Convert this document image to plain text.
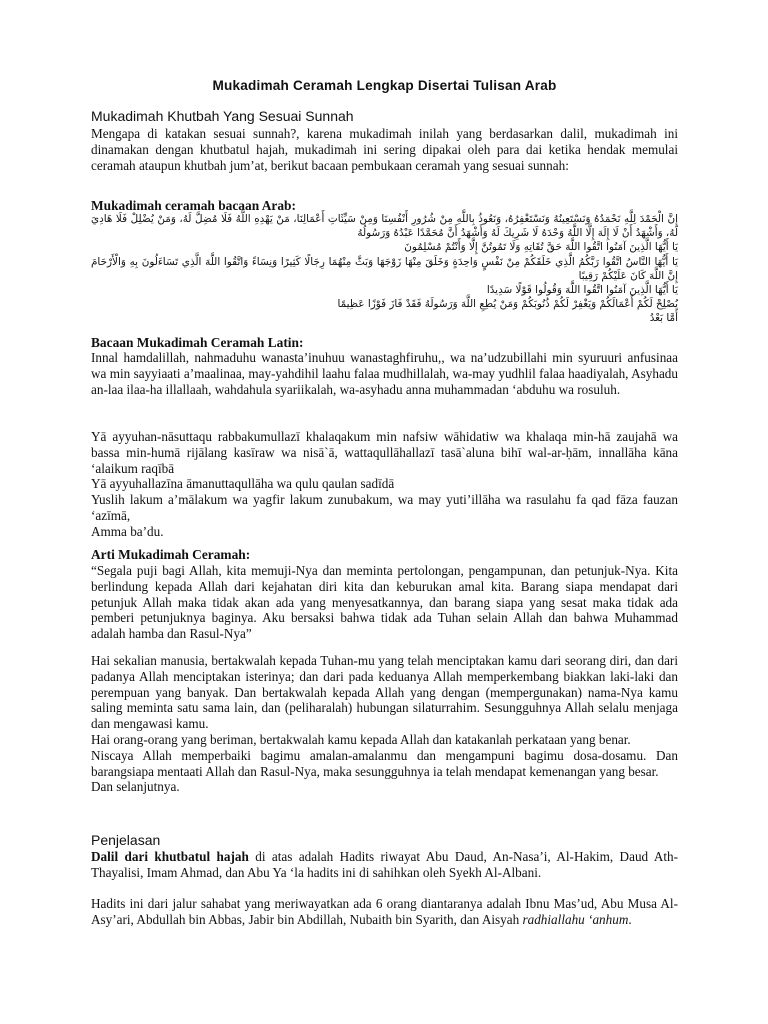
Mukadimah Ceramah Lengkap Disertai Tulisan Arab
Mukadimah Khutbah Yang Sesuai Sunnah

Mengapa di katakan sesuai sunnah?, karena mukadimah inilah yang berdasarkan dalil, mukadimah ini dinamakan dengan khutbatul hajah, mukadimah ini sering dipakai oleh para dai ketika hendak memulai ceramah ataupun khutbah jum’at, berikut bacaan pembukaan ceramah yang sesuai sunnah:

Mukadimah ceramah bacaan Arab:

إِنَّ الْحَمْدَ لِلَّهِ نَحْمَدُهُ وَنَسْتَعِينُهُ وَنَسْتَغْفِرُهُ، وَنَعُوذُ بِاللَّهِ مِنْ شُرُورِ أَنْفُسِنَا وَمِنْ سَيِّئَاتِ أَعْمَالِنَا، مَنْ يَهْدِهِ اللَّهُ فَلَا مُضِلَّ لَهُ، وَمَنْ يُضْلِلْ فَلَا هَادِيَ لَهُ، وَأَشْهَدُ أَنْ لَا إِلَهَ إِلَّا اللَّهُ وَحْدَهُ لَا شَرِيكَ لَهُ وَأَشْهَدُ أَنَّ مُحَمَّدًا عَبْدُهُ وَرَسُولُهُ

يَا أَيُّهَا الَّذِينَ آمَنُوا اتَّقُوا اللَّهَ حَقَّ تُقَاتِهِ وَلَا تَمُوتُنَّ إِلَّا وَأَنْتُمْ مُسْلِمُونَ

يَا أَيُّهَا النَّاسُ اتَّقُوا رَبَّكُمُ الَّذِي خَلَقَكُمْ مِنْ نَفْسٍ وَاحِدَةٍ وَخَلَقَ مِنْهَا زَوْجَهَا وَبَثَّ مِنْهُمَا رِجَالًا كَثِيرًا وَنِسَاءً وَاتَّقُوا اللَّهَ الَّذِي تَسَاءَلُونَ بِهِ وَالْأَرْحَامَ إِنَّ اللَّهَ كَانَ عَلَيْكُمْ رَقِيبًا

يَا أَيُّهَا الَّذِينَ آمَنُوا اتَّقُوا اللَّهَ وَقُولُوا قَوْلًا سَدِيدًا

يُصْلِحْ لَكُمْ أَعْمَالَكُمْ وَيَغْفِرْ لَكُمْ ذُنُوبَكُمْ وَمَنْ يُطِعِ اللَّهَ وَرَسُولَهُ فَقَدْ فَازَ فَوْزًا عَظِيمًا

أَمَّا بَعْدُ

Bacaan Mukadimah Ceramah Latin:

Innal hamdalillah, nahmaduhu wanasta’inuhuu wanastaghfiruhu,, wa na’udzubillahi min syuruuri anfusinaa wa min sayyiaati a’maalinaa, may-yahdihil laahu falaa mudhillalah, wa-may yudhlil falaa haadiyalah, Asyhadu an-laa ilaa-ha illallaah, wahdahula syariikalah, wa-asyhadu anna muhammadan ‘abduhu wa rosuluh.

Yā ayyuhan-nāsuttaqu rabbakumullazī khalaqakum min nafsiw wāhidatiw wa khalaqa min-hā zaujahā wa bassa min-humā rijālang kasīraw wa nisā`ā, wattaqullāhallazī tasā`aluna bihī wal-ar-ḥām, innallāha kāna ‘alaikum raqībā

Yā ayyuhallazīna āmanuttaqullāha wa qulu qaulan sadīdā

Yuslih lakum a’mālakum wa yagfir lakum zunubakum, wa may yuti’illāha wa rasulahu fa qad fāza fauzan ‘azīmā,

Amma ba’du.

Arti Mukadimah Ceramah:

“Segala puji bagi Allah, kita memuji-Nya dan meminta pertolongan, pengampunan, dan petunjuk-Nya. Kita berlindung kepada Allah dari kejahatan diri kita dan keburukan amal kita. Barang siapa mendapat dari petunjuk Allah maka tidak akan ada yang menyesatkannya, dan barang siapa yang sesat maka tidak ada pemberi petunjuknya baginya. Aku bersaksi bahwa tidak ada Tuhan selain Allah dan bahwa Muhammad adalah hamba dan Rasul-Nya”

Hai sekalian manusia, bertakwalah kepada Tuhan-mu yang telah menciptakan kamu dari seorang diri, dan dari padanya Allah menciptakan isterinya; dan dari pada keduanya Allah memperkembang biakkan laki-laki dan perempuan yang banyak. Dan bertakwalah kepada Allah yang dengan (mempergunakan) nama-Nya kamu saling meminta satu sama lain, dan (peliharalah) hubungan silaturrahim. Sesungguhnya Allah selalu menjaga dan mengawasi kamu.

Hai orang-orang yang beriman, bertakwalah kamu kepada Allah dan katakanlah perkataan yang benar.

Niscaya Allah memperbaiki bagimu amalan-amalanmu dan mengampuni bagimu dosa-dosamu. Dan barangsiapa mentaati Allah dan Rasul-Nya, maka sesungguhnya ia telah mendapat kemenangan yang besar.

Dan selanjutnya.

Penjelasan

Dalil dari khutbatul hajah di atas adalah Hadits riwayat Abu Daud, An-Nasa’i, Al-Hakim, Daud Ath-Thayalisi, Imam Ahmad, dan Abu Ya ‘la hadits ini di sahihkan oleh Syekh Al-Albani.

Hadits ini dari jalur sahabat yang meriwayatkan ada 6 orang diantaranya adalah Ibnu Mas’ud, Abu Musa Al-Asy’ari, Abdullah bin Abbas, Jabir bin Abdillah, Nubaith bin Syarith, dan Aisyah radhiallahu ‘anhum.
